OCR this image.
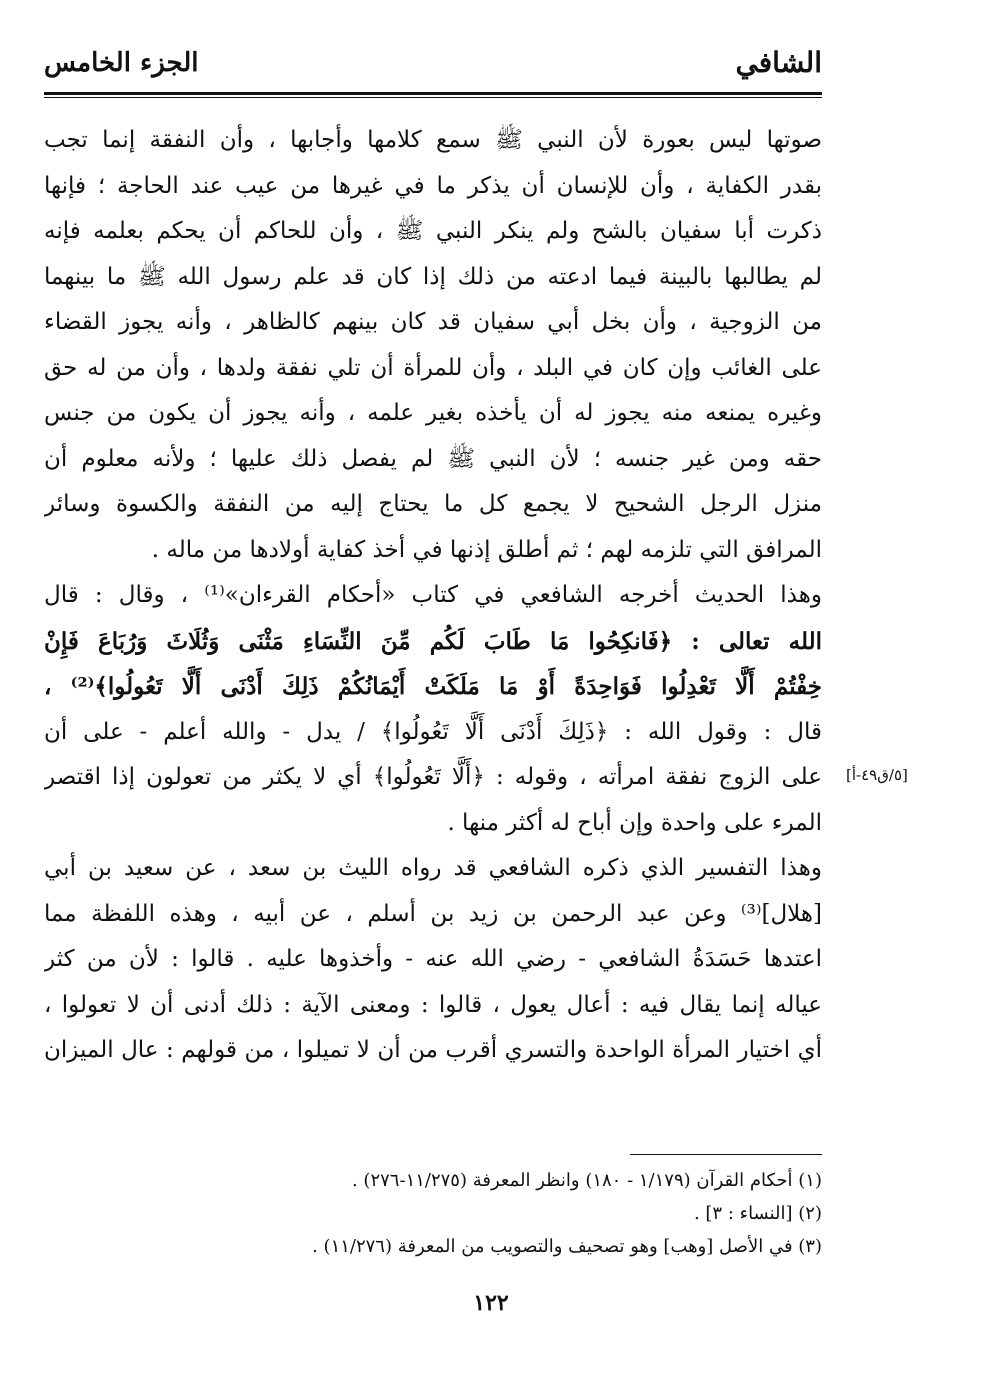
الشافي
الجزء الخامس
صوتها ليس بعورة لأن النبي ﷺ سمع كلامها وأجابها ، وأن النفقة إنما تجب
بقدر الكفاية ، وأن للإنسان أن يذكر ما في غيرها من عيب عند الحاجة ؛ فإنها
ذكرت أبا سفيان بالشح ولم ينكر النبي ﷺ ، وأن للحاكم أن يحكم بعلمه فإنه
لم يطالبها بالبينة فيما ادعته من ذلك إذا كان قد علم رسول الله ﷺ ما بينهما
من الزوجية ، وأن بخل أبي سفيان قد كان بينهم كالظاهر ، وأنه يجوز القضاء
على الغائب وإن كان في البلد ، وأن للمرأة أن تلي نفقة ولدها ، وأن من له حق
وغيره يمنعه منه يجوز له أن يأخذه بغير علمه ، وأنه يجوز أن يكون من جنس
حقه ومن غير جنسه ؛ لأن النبي ﷺ لم يفصل ذلك عليها ؛ ولأنه معلوم أن
منزل الرجل الشحيح لا يجمع كل ما يحتاج إليه من النفقة والكسوة وسائر
المرافق التي تلزمه لهم ؛ ثم أطلق إذنها في أخذ كفاية أولادها من ماله .
وهذا الحديث أخرجه الشافعي في كتاب «أحكام القرءان»⁽¹⁾ ، وقال : قال
الله تعالى : ﴿فَانكِحُوا مَا طَابَ لَكُم مِّنَ النِّسَاءِ مَثْنَى وَثُلَاثَ وَرُبَاعَ فَإِنْ
خِفْتُمْ أَلَّا تَعْدِلُوا فَوَاحِدَةً أَوْ مَا مَلَكَتْ أَيْمَانُكُمْ ذَلِكَ أَدْنَى أَلَّا تَعُولُوا﴾⁽²⁾ ،
قال : وقول الله : ﴿ذَلِكَ أَدْنَى أَلَّا تَعُولُوا﴾ / يدل - والله أعلم - على أن
على الزوج نفقة امرأته ، وقوله : ﴿أَلَّا تَعُولُوا﴾ أي لا يكثر من تعولون إذا اقتصر
المرء على واحدة وإن أباح له أكثر منها .
وهذا التفسير الذي ذكره الشافعي قد رواه الليث بن سعد ، عن سعيد بن أبي
[هلال]⁽³⁾ وعن عبد الرحمن بن زيد بن أسلم ، عن أبيه ، وهذه اللفظة مما
اعتدها حَسَدَةُ الشافعي - رضي الله عنه - وأخذوها عليه . قالوا : لأن من كثر
عياله إنما يقال فيه : أعال يعول ، قالوا : ومعنى الآية : ذلك أدنى أن لا تعولوا ،
أي اختيار المرأة الواحدة والتسري أقرب من أن لا تميلوا ، من قولهم : عال الميزان
[٥/ق٤٩-أ]
(١) أحكام القرآن (١/١٧٩ - ١٨٠) وانظر المعرفة (١١/٢٧٥-٢٧٦) .
(٢) [النساء : ٣] .
(٣) في الأصل [وهب] وهو تصحيف والتصويب من المعرفة (١١/٢٧٦) .
١٢٢
